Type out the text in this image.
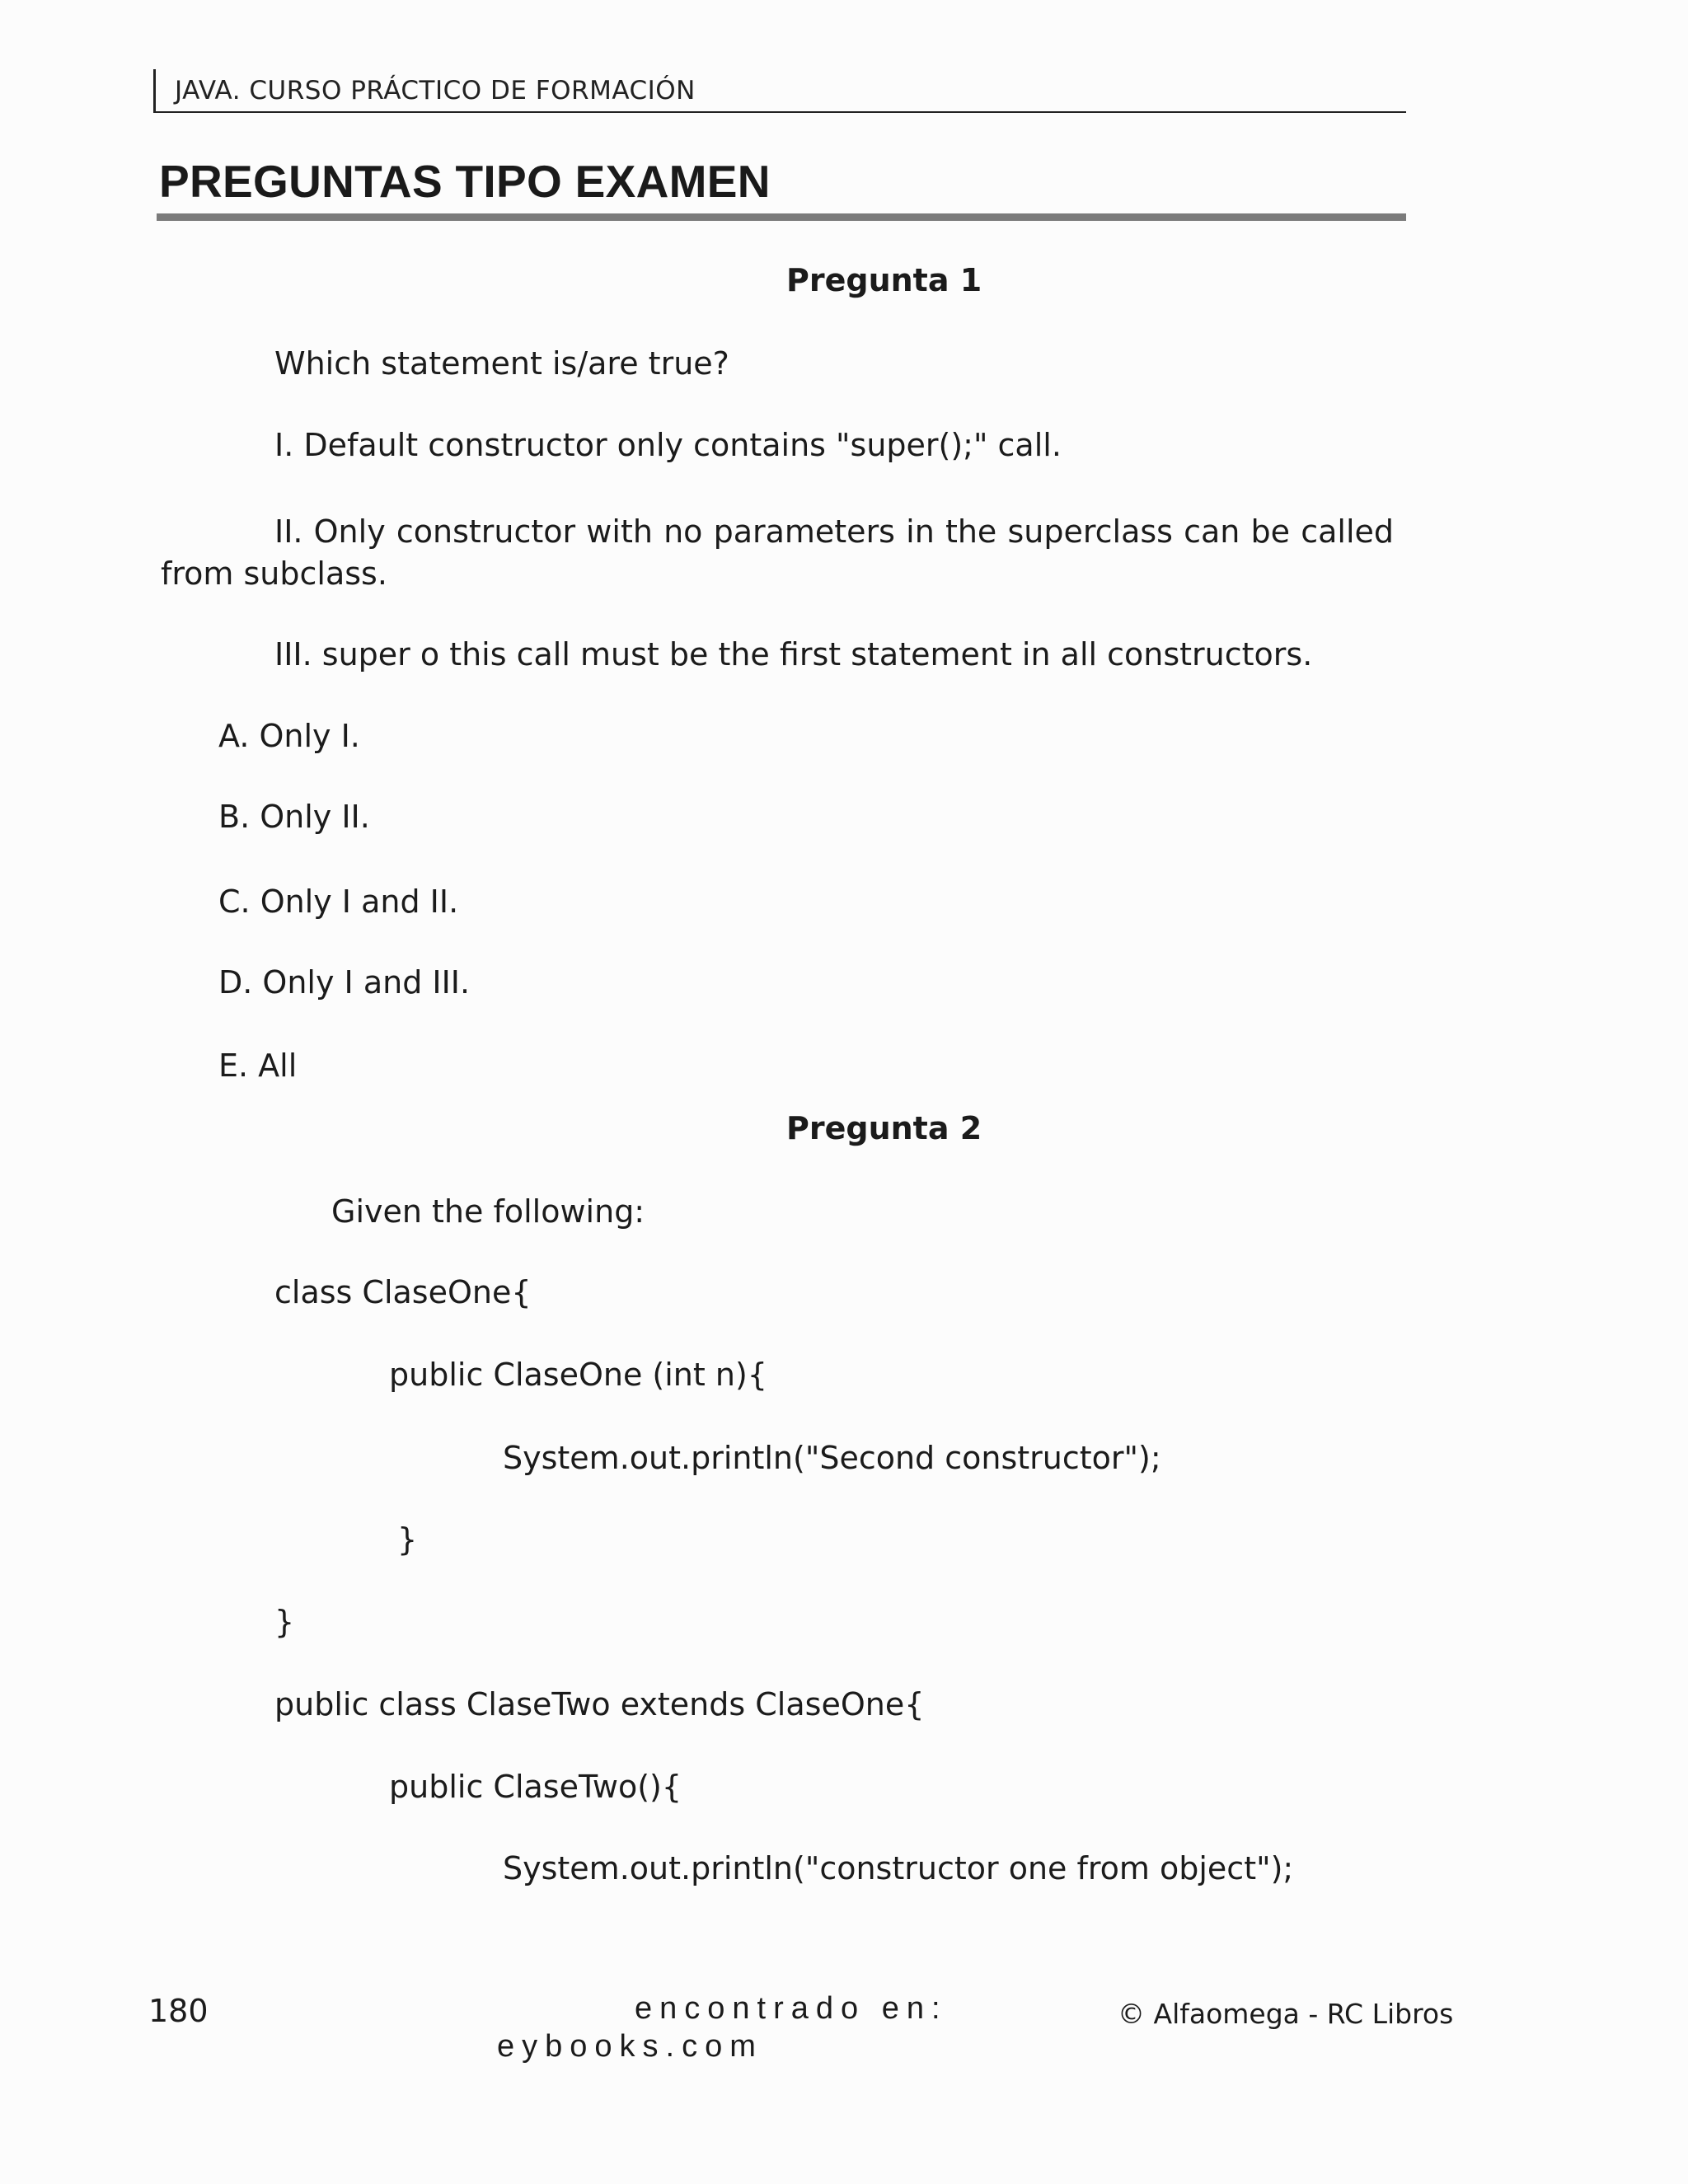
JAVA. CURSO PRÁCTICO DE FORMACIÓN
PREGUNTAS TIPO EXAMEN
Pregunta 1
Which statement is/are true?
I. Default constructor only contains "super();" call.
II. Only constructor with no parameters in the superclass can be called from subclass.
III. super o this call must be the first statement in all constructors.
A. Only I.
B. Only II.
C. Only I and II.
D. Only I and III.
E. All
Pregunta 2
Given the following:
class ClaseOne{
public ClaseOne (int n){
System.out.println("Second constructor");
}
}
public class ClaseTwo extends ClaseOne{
public ClaseTwo(){
System.out.println("constructor one from object");
180	encontrado en:
eybooks.com
© Alfaomega - RC Libros
